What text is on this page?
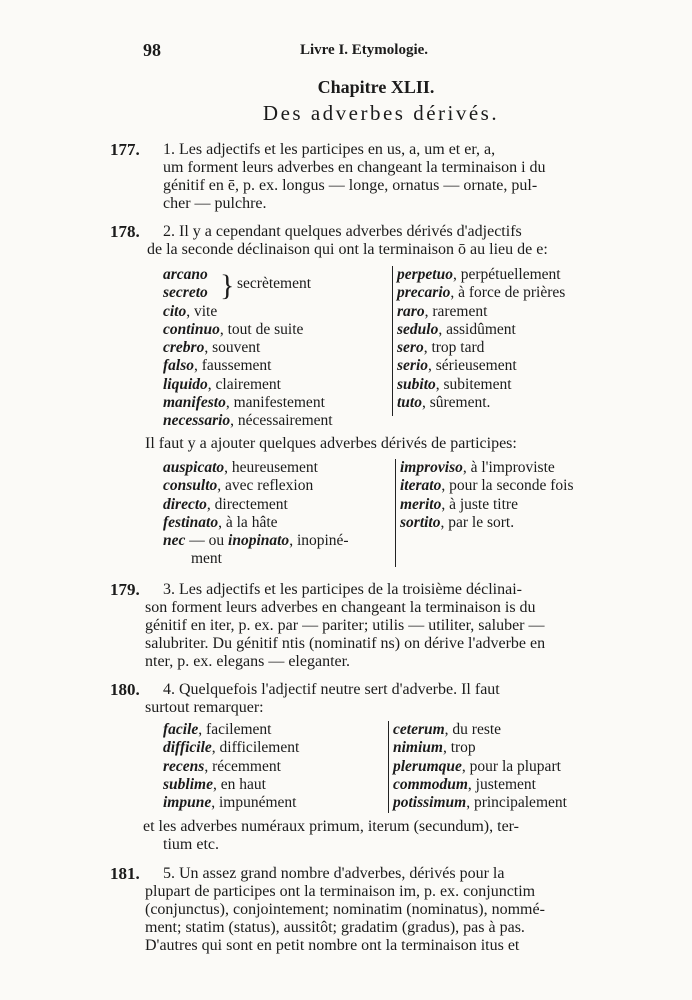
98	Livre I. Etymologie.
Chapitre XLII.
Des adverbes dérivés.
177. 1. Les adjectifs et les participes en us, a, um et er, a,
um forment leurs adverbes en changeant la terminaison i du
génitif en ē, p. ex. longus — longe, ornatus — ornate, pul-
cher — pulchre.
178. 2. Il y a cependant quelques adverbes dérivés d'adjectifs
de la seconde déclinaison qui ont la terminaison ō au lieu de e:
arcano
secreto } secrètement
cito, vite
continuo, tout de suite
crebro, souvent
falso, faussement
liquido, clairement
manifesto, manifestement
necessario, nécessairement
perpetuo, perpétuellement
precario, à force de prières
raro, rarement
sedulo, assidûment
sero, trop tard
serio, sérieusement
subito, subitement
tuto, sûrement.
Il faut y a ajouter quelques adverbes dérivés de participes:
auspicato, heureusement
consulto, avec reflexion
directo, directement
festinato, à la hâte
nec — ou inopinato, inopiné-
ment
improviso, à l'improviste
iterato, pour la seconde fois
merito, à juste titre
sortito, par le sort.
179. 3. Les adjectifs et les participes de la troisième déclinai-
son forment leurs adverbes en changeant la terminaison is du
génitif en iter, p. ex. par — pariter; utilis — utiliter, saluber —
salubriter. Du génitif ntis (nominatif ns) on dérive l'adverbe en
nter, p. ex. elegans — eleganter.
180. 4. Quelquefois l'adjectif neutre sert d'adverbe. Il faut
surtout remarquer:
facile, facilement
difficile, difficilement
recens, récemment
sublime, en haut
impune, impunément
ceterum, du reste
nimium, trop
plerumque, pour la plupart
commodum, justement
potissimum, principalement
et les adverbes numéraux primum, iterum (secundum), ter-
tium etc.
181. 5. Un assez grand nombre d'adverbes, dérivés pour la
plupart de participes ont la terminaison im, p. ex. conjunctim
(conjunctus), conjointement; nominatim (nominatus), nommé-
ment; statim (status), aussitôt; gradatim (gradus), pas à pas.
D'autres qui sont en petit nombre ont la terminaison itus et
